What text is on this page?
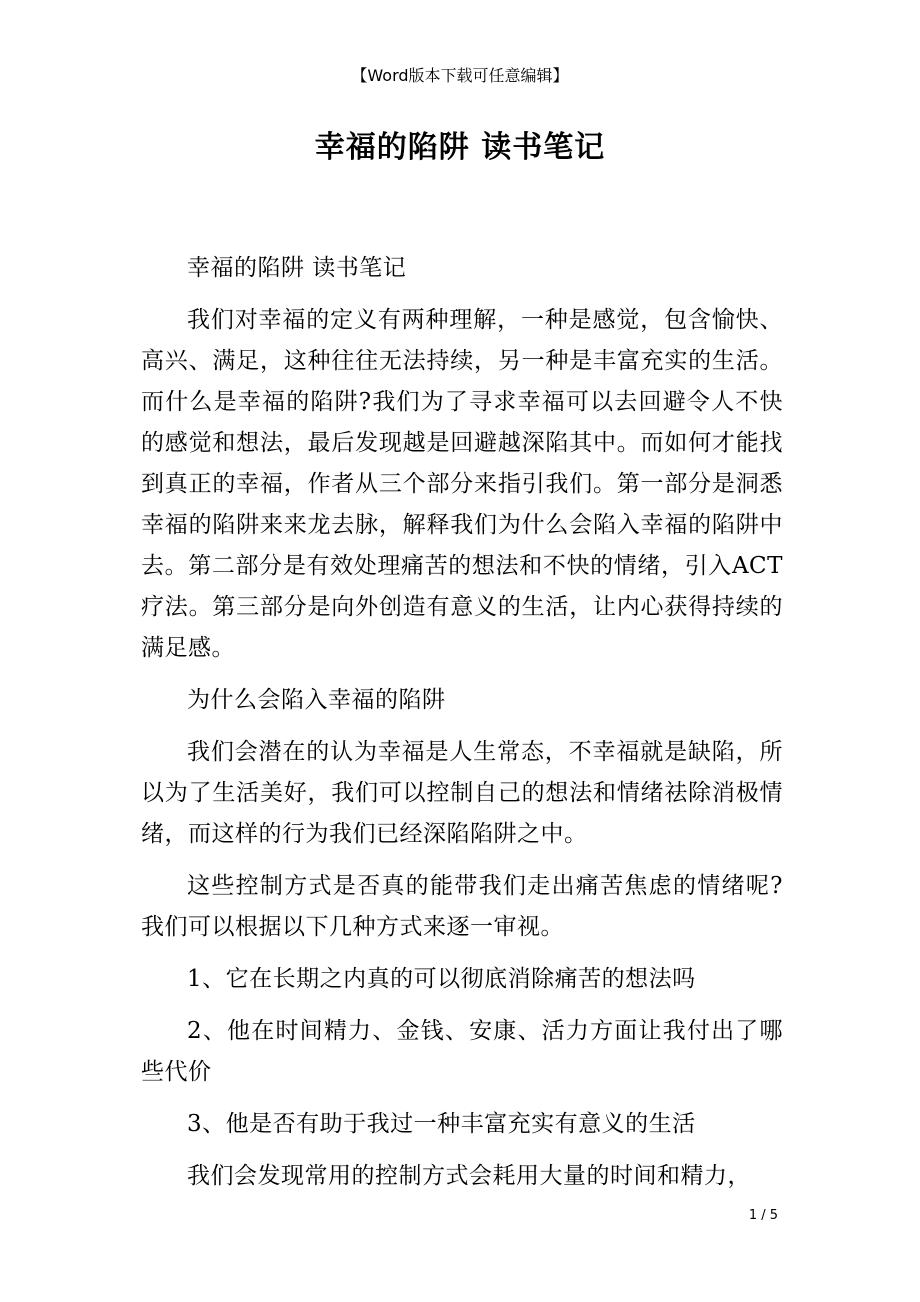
【Word版本下载可任意编辑】
幸福的陷阱 读书笔记

幸福的陷阱 读书笔记

我们对幸福的定义有两种理解，一种是感觉，包含愉快、高兴、满足，这种往往无法持续，另一种是丰富充实的生活。而什么是幸福的陷阱?我们为了寻求幸福可以去回避令人不快的感觉和想法，最后发现越是回避越深陷其中。而如何才能找到真正的幸福，作者从三个部分来指引我们。第一部分是洞悉幸福的陷阱来来龙去脉，解释我们为什么会陷入幸福的陷阱中去。第二部分是有效处理痛苦的想法和不快的情绪，引入ACT疗法。第三部分是向外创造有意义的生活，让内心获得持续的满足感。

为什么会陷入幸福的陷阱

我们会潜在的认为幸福是人生常态，不幸福就是缺陷，所以为了生活美好，我们可以控制自己的想法和情绪祛除消极情绪，而这样的行为我们已经深陷陷阱之中。

这些控制方式是否真的能带我们走出痛苦焦虑的情绪呢?我们可以根据以下几种方式来逐一审视。

1、它在长期之内真的可以彻底消除痛苦的想法吗

2、他在时间精力、金钱、安康、活力方面让我付出了哪些代价

3、他是否有助于我过一种丰富充实有意义的生活

我们会发现常用的控制方式会耗用大量的时间和精力，

1 / 5
